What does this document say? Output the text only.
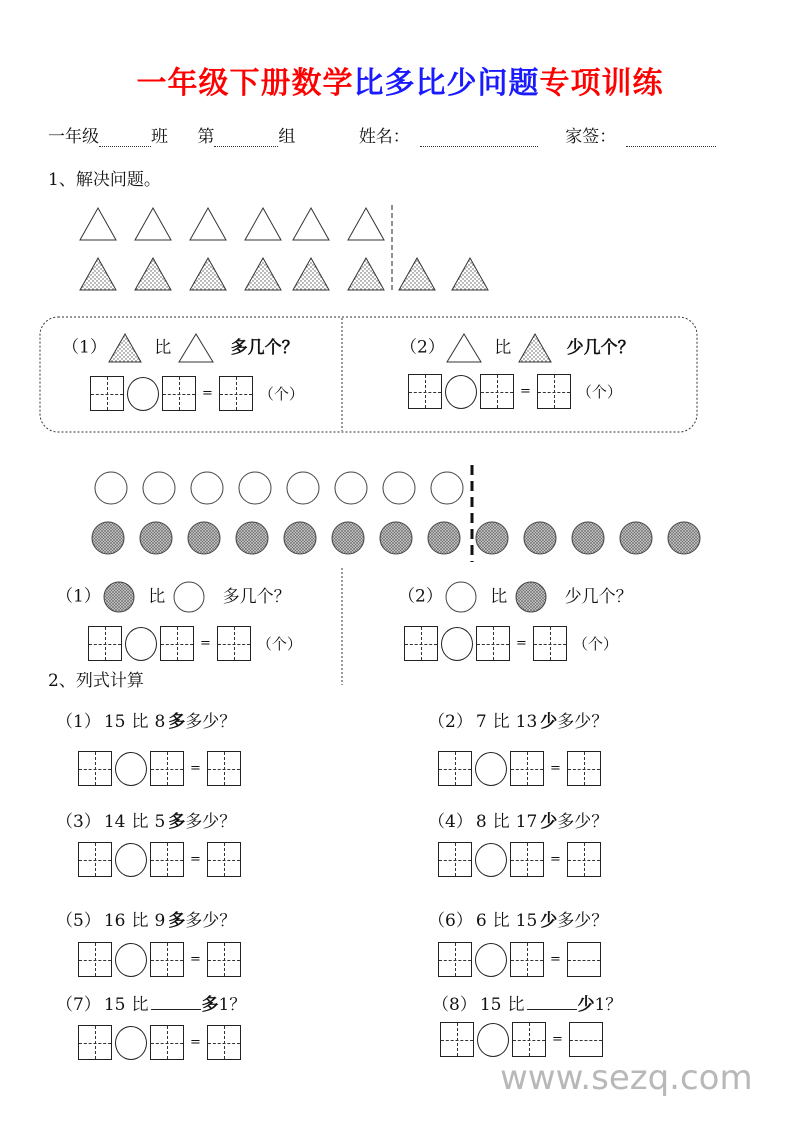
一年级下册数学比多比少问题专项训练
一年级	班 第	组	姓名：	家签：
1、解决问题。
（1）	比	多几个？	（2）	比	少几个？
（1）	比	多几个？	（2）	比	少几个？
2、列式计算
（1） 15 比 8 多多少？	（2） 7 比 13 少多少？
（3） 14 比 5 多多少？	（4） 8 比 17 少多少？
（5） 16 比 9 多多少？	（6） 6 比 15 少多少？
（7） 15 比	多1？	（8） 15 比	少1？
=	（个）	=	（个）
=	（个）	=	（个）
=	=
=	=
=	=
=	=
www.sezq.com
